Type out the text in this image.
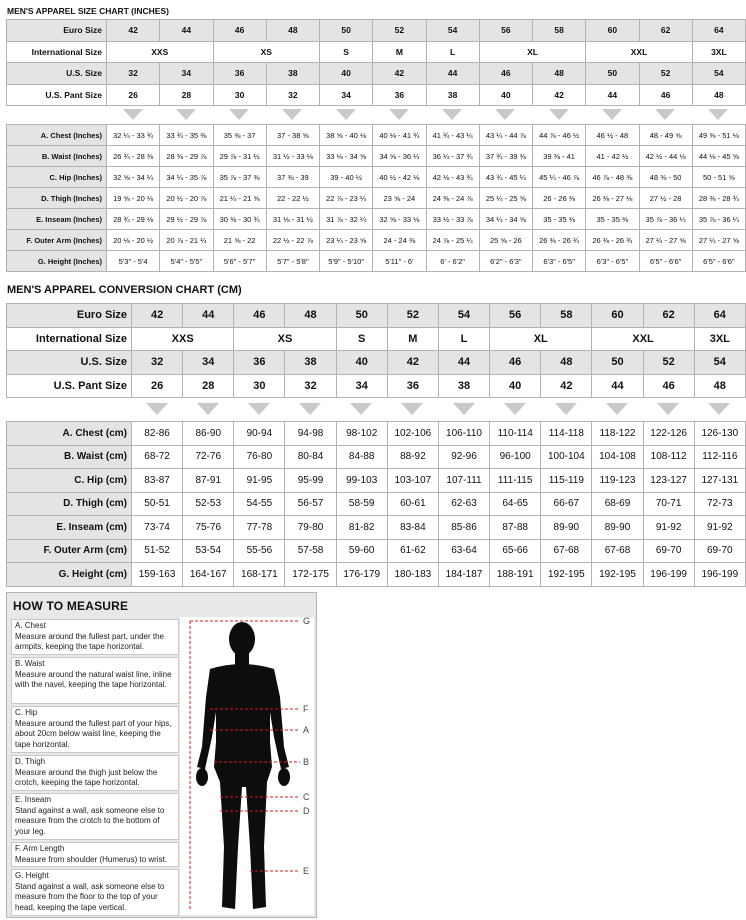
MEN'S APPAREL SIZE CHART (INCHES)
Euro Size	42	44	46	48	50	52	54	56	58	60	62	64	
International Size	XXS		XS		S	M	L	XL		XXL		3XL	
U.S. Size	32	34	36	38	40	42	44	46	48	50	52	54	
U.S. Pant Size	26	28	30	32	34	36	38	40	42	44	46	48	
A. Chest (Inches)	32 ¼ - 33 ¾	33 ¾ - 35 ⅜	35 ⅜ - 37	37 - 38 ⅝	38 ⅝ - 40 ⅛	40 ⅛ - 41 ¾	41 ¾ - 43 ¼	43 ¼ - 44 ⅞	44 ⅞ - 46 ½	46 ½ - 48	48 - 49 ⅝	49 ⅝ - 51 ⅛
B. Waist (Inches)	26 ¾ - 28 ⅜	28 ⅜ - 29 ⅞	29 ⅞ - 31 ½	31 ½ - 33 ⅛	33 ⅛ - 34 ⅝	34 ⅝ - 36 ¼	36 ¼ - 37 ¾	37 ¾ - 39 ⅜	39 ⅜ - 41	41 - 42 ½	42 ½ - 44 ⅛	44 ⅛ - 45 ⅝
C. Hip (Inches)	32 ⅝ - 34 ¼	34 ¼ - 35 ⅞	35 ⅞ - 37 ⅜	37 ⅜ - 39	39 - 40 ½	40 ½ - 42 ⅛	42 ⅛ - 43 ¾	43 ¾ - 45 ¼	45 ¼ - 46 ⅞	46 ⅞ - 48 ⅜	48 ⅜ - 50	50 - 51 ⅝
D. Thigh (Inches)	19 ⅝ - 20 ⅛	20 ½ - 20 ⅞	21 ¼ - 21 ⅝	22 - 22 ½	22 ⅞ - 23 ¼	23 ⅝ - 24	24 ⅜ - 24 ⅞	25 ¼ - 25 ⅝	26 - 26 ⅜	26 ⅜ - 27 ⅛	27 ½ - 28	28 ⅜ - 28 ¾
E. Inseam (Inches)	28 ¾ - 29 ⅛	29 ½ - 29 ⅞	30 ⅜ - 30 ¾	31 ⅛ - 31 ½	31 ⅞ - 32 ¼	32 ⅝ - 33 ⅛	33 ½ - 33 ⅞	34 ¼ - 34 ⅝	35 - 35 ⅜	35 - 35 ⅜	35 ⅞ - 36 ¼	35 ⅞ - 36 ¼
F. Outer Arm (Inches)	20 ⅛ - 20 ½	20 ⅞ - 21 ¼	21 ⅝ - 22	22 ½ - 22 ⅞	23 ¼ - 23 ⅝	24 - 24 ⅜	24 ⅞ - 25 ¼	25 ⅝ - 26	26 ⅜ - 26 ¾	26 ⅜ - 26 ¾	27 ¼ - 27 ⅝	27 ¼ - 27 ⅝
G. Height (Inches)	5'3" - 5'4	5'4" - 5'5"	5'6" - 5'7"	5'7" - 5'8"	5'9" - 5'10"	5'11" - 6'	6' - 6'2"	6'2" - 6'3"	6'3" - 6'5"	6'3" - 6'5"	6'5" - 6'6"	6'5" - 6'6"
MEN'S APPAREL CONVERSION CHART (CM)
Euro Size	42	44	46	48	50	52	54	56	58	60	62	64	
International Size	XXS		XS		S	M	L	XL		XXL		3XL	
U.S. Size	32	34	36	38	40	42	44	46	48	50	52	54	
U.S. Pant Size	26	28	30	32	34	36	38	40	42	44	46	48	
A. Chest (cm)	82-86	86-90	90-94	94-98	98-102	102-106	106-110	110-114	114-118	118-122	122-126	126-130
B. Waist (cm)	68-72	72-76	76-80	80-84	84-88	88-92	92-96	96-100	100-104	104-108	108-112	112-116
C. Hip (cm)	83-87	87-91	91-95	95-99	99-103	103-107	107-111	111-115	115-119	119-123	123-127	127-131
D. Thigh (cm)	50-51	52-53	54-55	56-57	58-59	60-61	62-63	64-65	66-67	68-69	70-71	72-73
E. Inseam (cm)	73-74	75-76	77-78	79-80	81-82	83-84	85-86	87-88	89-90	89-90	91-92	91-92
F. Outer Arm (cm)	51-52	53-54	55-56	57-58	59-60	61-62	63-64	65-66	67-68	67-68	69-70	69-70
G. Height (cm)	159-163	164-167	168-171	172-175	176-179	180-183	184-187	188-191	192-195	192-195	196-199	196-199
HOW TO MEASURE
A. Chest
Measure around the fullest part, under the armpits, keeping the tape horizontal.
B. Waist
Measure around the natural waist line, inline with the navel, keeping the tape horizontal.
C. Hip
Measure around the fullest part of your hips, about 20cm below waist line, keeping the tape horizontal.
D. Thigh
Measure around the thigh just below the crotch, keeping the tape horizontal.
E. Inseam
Stand against a wall, ask someone else to measure from the crotch to the bottom of your leg.
F. Arm Length
Measure from shoulder (Humerus) to wrist.
G. Height
Stand against a wall, ask someone else to measure from the floor to the top of your head, keeping the tape vertical.
G
F
A
B
C
D
E
